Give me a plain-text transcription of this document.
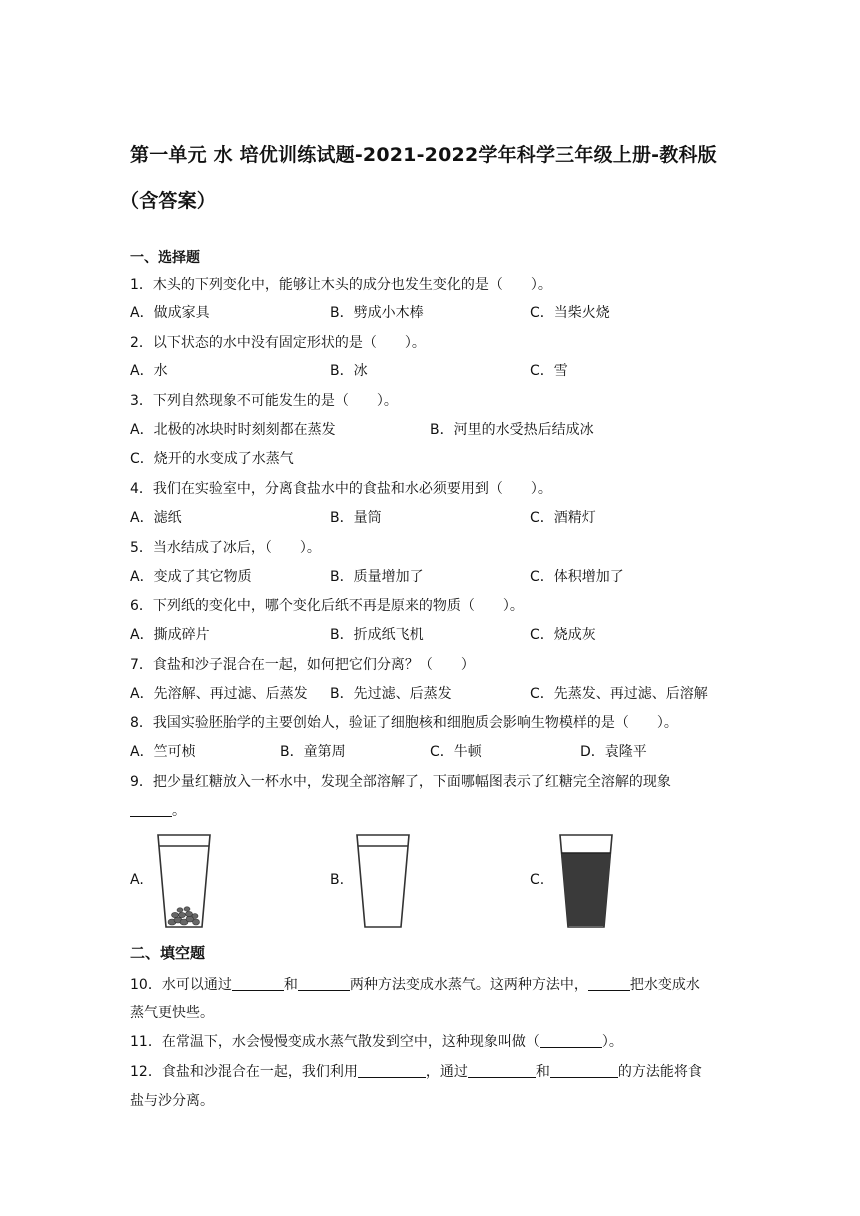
第一单元 水 培优训练试题-2021-2022学年科学三年级上册-教科版
（含答案）
一、选择题
1．木头的下列变化中，能够让木头的成分也发生变化的是（　　）。
A．做成家具	B．劈成小木棒	C．当柴火烧
2．以下状态的水中没有固定形状的是（　　）。
A．水	B．冰	C．雪
3．下列自然现象不可能发生的是（　　）。
A．北极的冰块时时刻刻都在蒸发	B．河里的水受热后结成冰
C．烧开的水变成了水蒸气
4．我们在实验室中，分离食盐水中的食盐和水必须要用到（　　）。
A．滤纸	B．量筒	C．酒精灯
5．当水结成了冰后，（　　）。
A．变成了其它物质	B．质量增加了	C．体积增加了
6．下列纸的变化中，哪个变化后纸不再是原来的物质（　　）。
A．撕成碎片	B．折成纸飞机	C．烧成灰
7．食盐和沙子混合在一起，如何把它们分离？（　　）
A．先溶解、再过滤、后蒸发 B．先过滤、后蒸发	C．先蒸发、再过滤、后溶解
8．我国实验胚胎学的主要创始人，验证了细胞核和细胞质会影响生物模样的是（　　）。
A．竺可桢	B．童第周	C．牛顿	D．袁隆平
9．把少量红糖放入一杯水中，发现全部溶解了，下面哪幅图表示了红糖完全溶解的现象
。
A.	B.	C.
二、填空题
10．水可以通过	和	两种方法变成水蒸气。这两种方法中，	把水变成水
蒸气更快些。
11．在常温下，水会慢慢变成水蒸气散发到空中，这种现象叫做（	）。
12．食盐和沙混合在一起，我们利用	，通过	和	的方法能将食
盐与沙分离。
